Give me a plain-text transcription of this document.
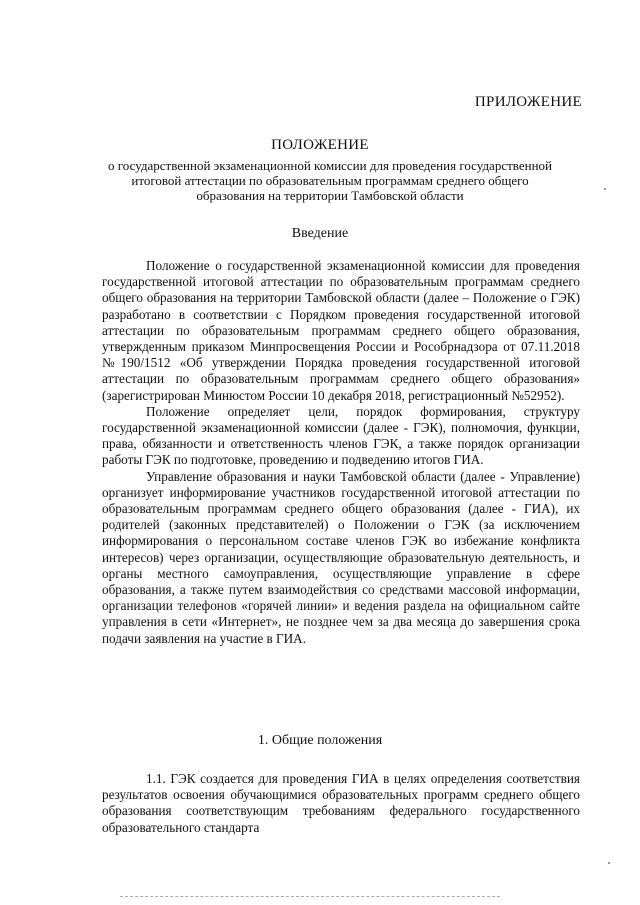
ПРИЛОЖЕНИЕ
ПОЛОЖЕНИЕ
о государственной экзаменационной комиссии для проведения государственной итоговой аттестации по образовательным программам среднего общего образования на территории Тамбовской области
Введение

Положение о государственной экзаменационной комиссии для проведения государственной итоговой аттестации по образовательным программам среднего общего образования на территории Тамбовской области (далее – Положение о ГЭК) разработано в соответствии с Порядком проведения государственной итоговой аттестации по образовательным программам среднего общего образования, утвержденным приказом Минпросвещения России и Рособрнадзора от 07.11.2018 №190/1512 «Об утверждении Порядка проведения государственной итоговой аттестации по образовательным программам среднего общего образования» (зарегистрирован Минюстом России 10 декабря 2018, регистрационный №52952).

Положение определяет цели, порядок формирования, структуру государственной экзаменационной комиссии (далее - ГЭК), полномочия, функции, права, обязанности и ответственность членов ГЭК, а также порядок организации работы ГЭК по подготовке, проведению и подведению итогов ГИА.

Управление образования и науки Тамбовской области (далее - Управление) организует информирование участников государственной итоговой аттестации по образовательным программам среднего общего образования (далее - ГИА), их родителей (законных представителей) о Положении о ГЭК (за исключением информирования о персональном составе членов ГЭК во избежание конфликта интересов) через организации, осуществляющие образовательную деятельность, и органы местного самоуправления, осуществляющие управление в сфере образования, а также путем взаимодействия со средствами массовой информации, организации телефонов «горячей линии» и ведения раздела на официальном сайте управления в сети «Интернет», не позднее чем за два месяца до завершения срока подачи заявления на участие в ГИА.

1. Общие положения

1.1. ГЭК создается для проведения ГИА в целях определения соответствия результатов освоения обучающимися образовательных программ среднего общего образования соответствующим требованиям федерального государственного образовательного стандарта
